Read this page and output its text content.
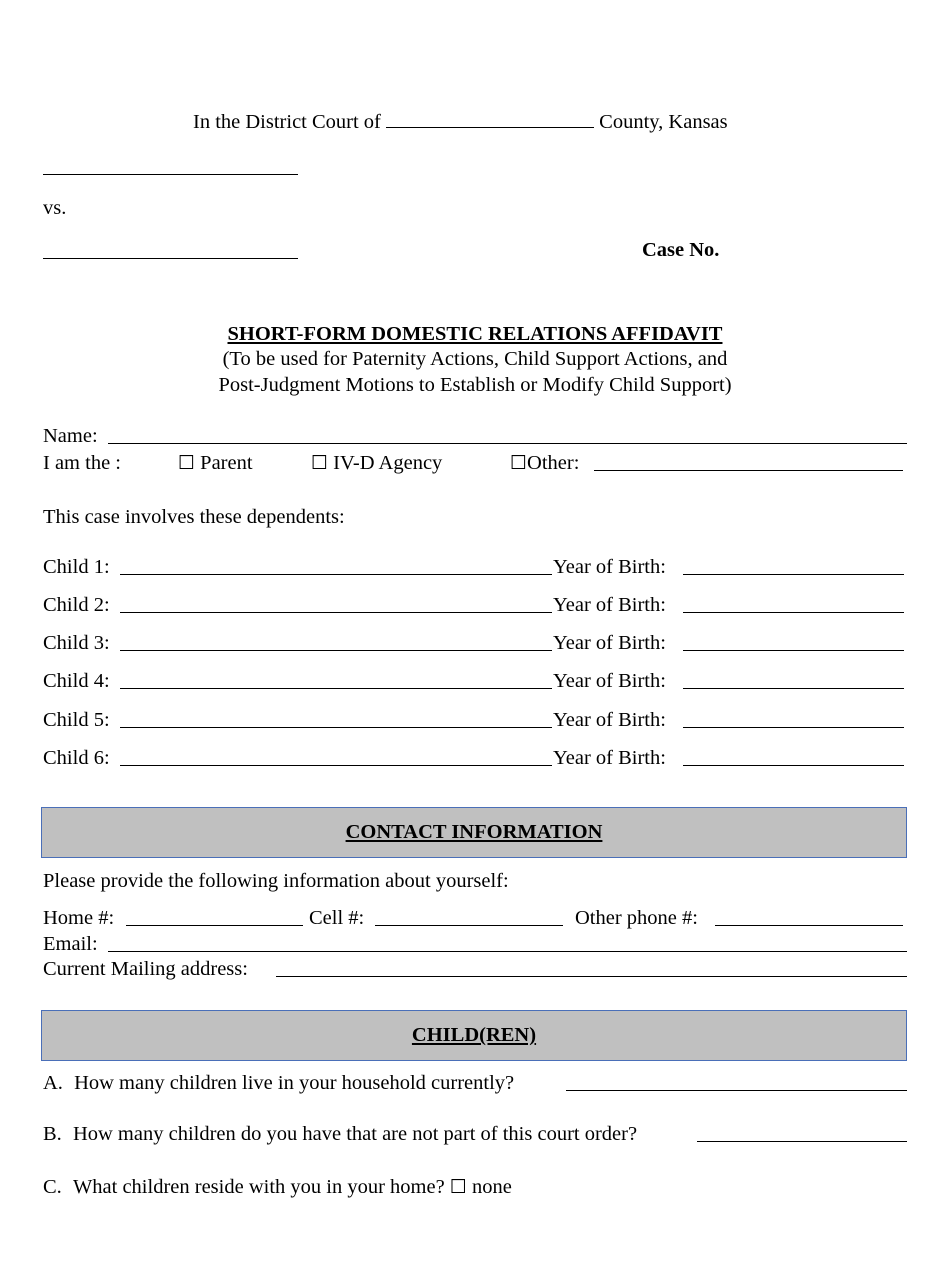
In the District Court of	County, Kansas
vs.
Case No.
SHORT-FORM DOMESTIC RELATIONS AFFIDAVIT
(To be used for Paternity Actions, Child Support Actions, and
Post-Judgment Motions to Establish or Modify Child Support)
Name:
I am the :	☐ Parent	☐ IV-D Agency	☐Other:
This case involves these dependents:
Child 1:	Year of Birth:
Child 2:	Year of Birth:
Child 3:	Year of Birth:
Child 4:	Year of Birth:
Child 5:	Year of Birth:
Child 6:	Year of Birth:
CONTACT INFORMATION
Please provide the following information about yourself:
Home #:	Cell #:	Other phone #:
Email:
Current Mailing address:
CHILD(REN)
A. How many children live in your household currently?
B. How many children do you have that are not part of this court order?
C. What children reside with you in your home? ☐ none
